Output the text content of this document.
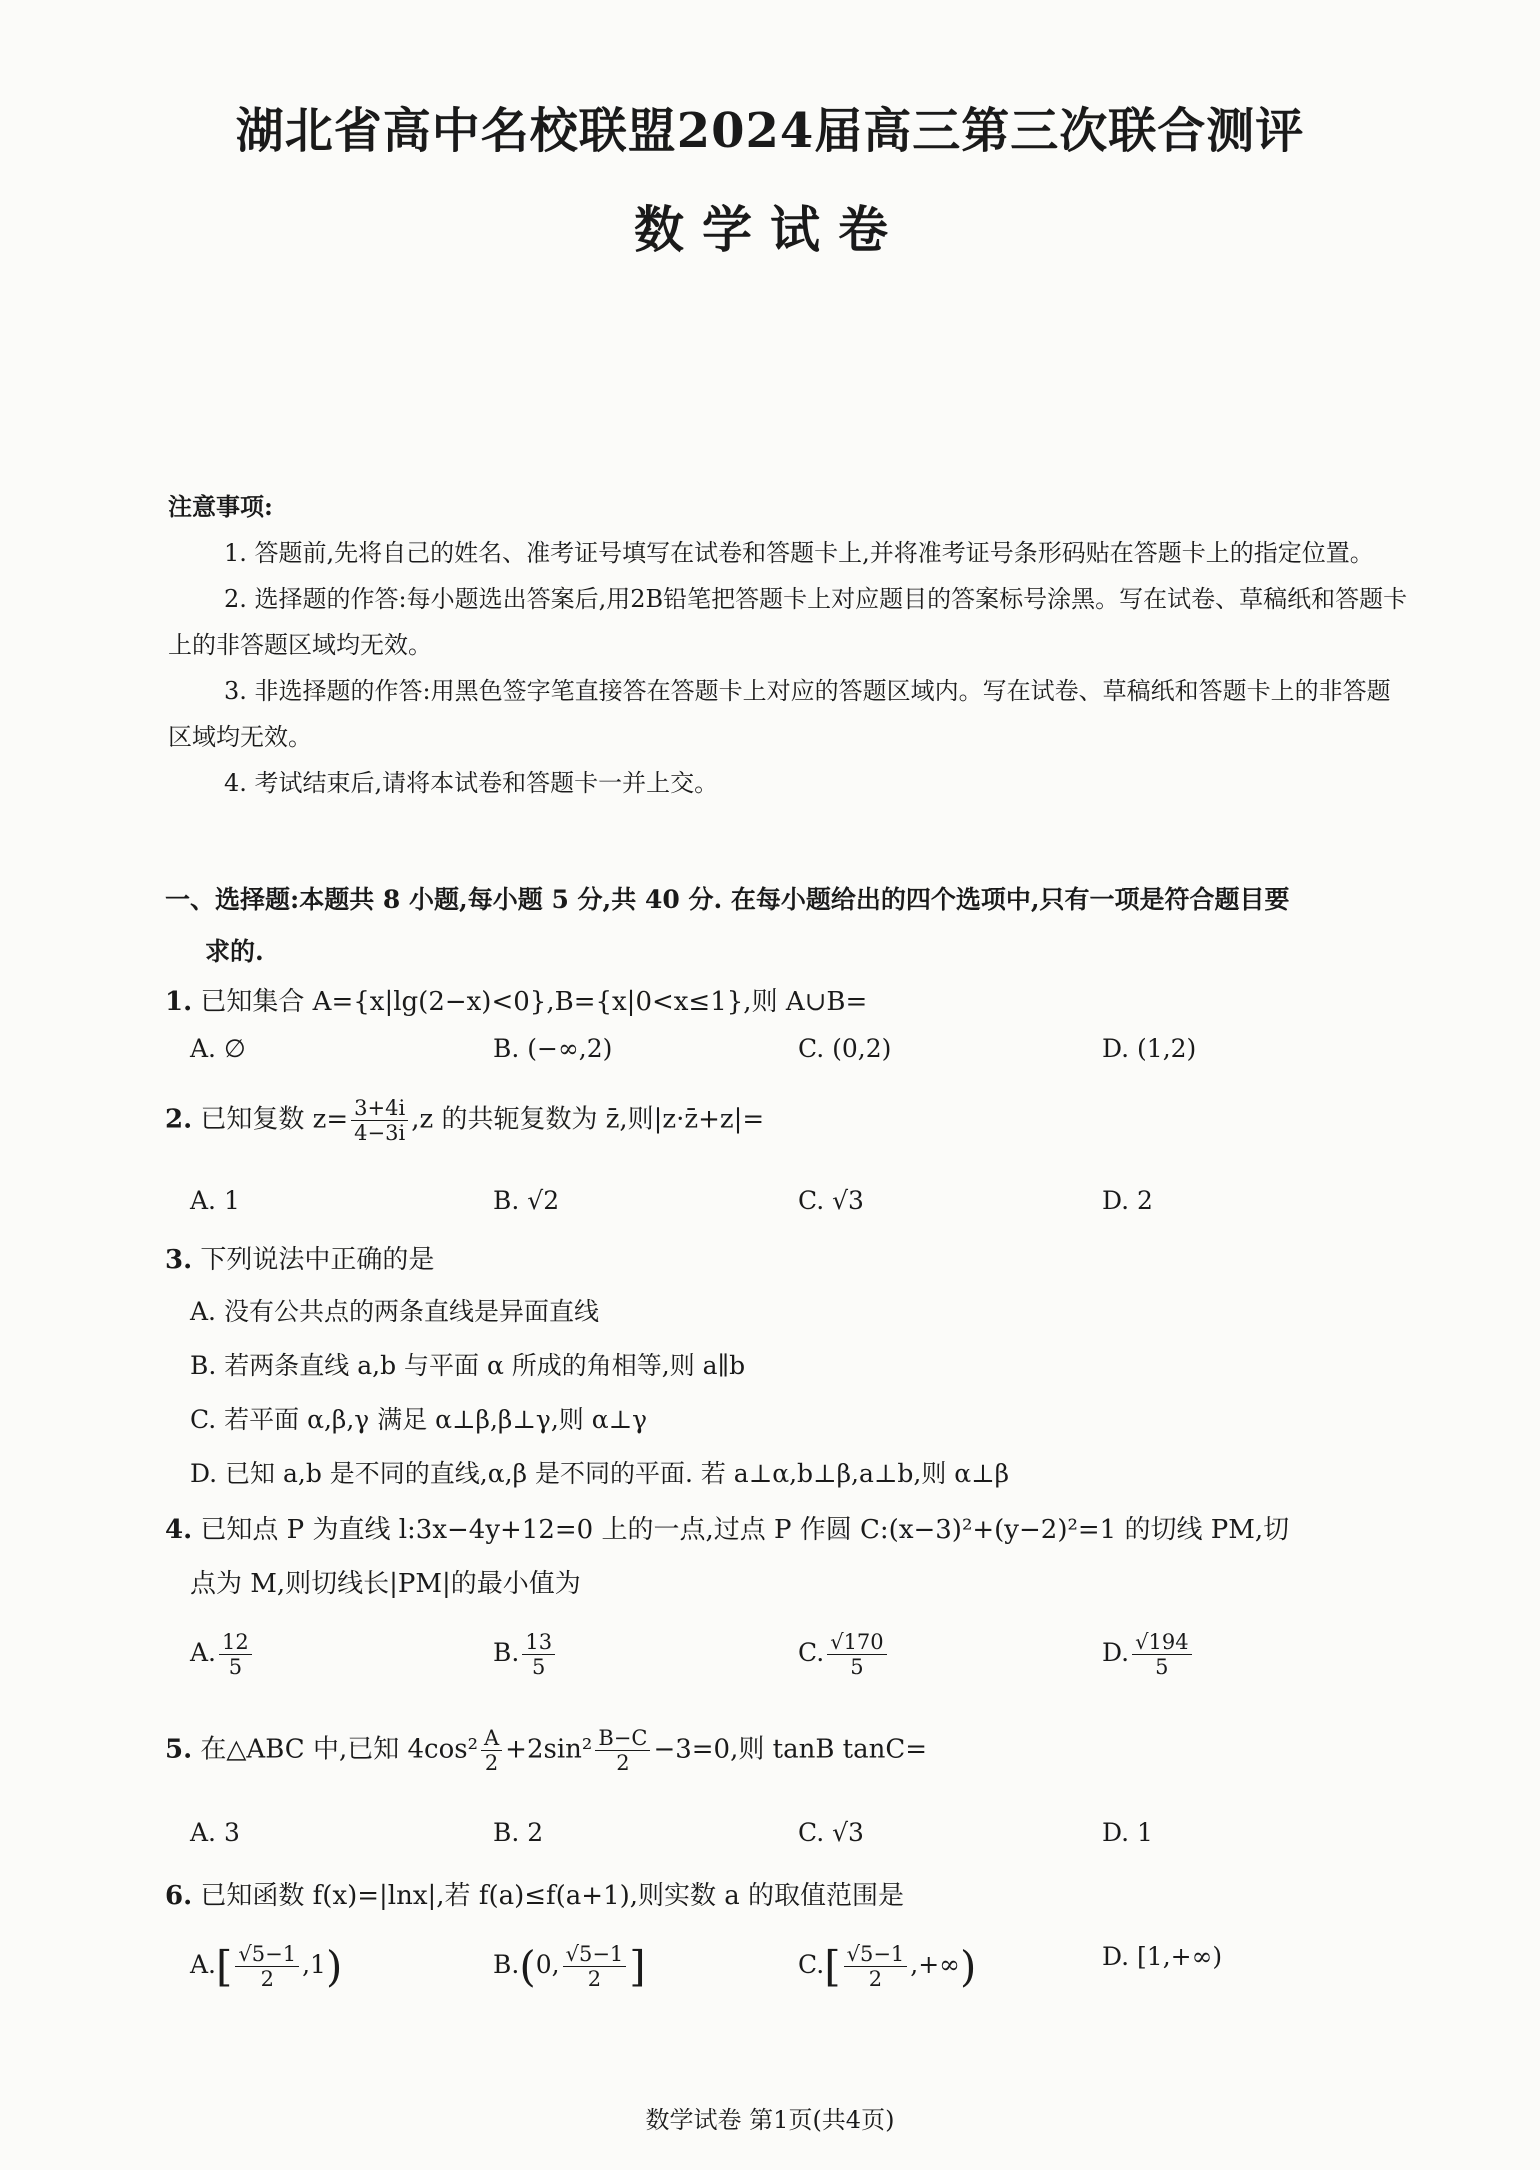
湖北省高中名校联盟2024届高三第三次联合测评
数学试卷

注意事项:

1. 答题前,先将自己的姓名、准考证号填写在试卷和答题卡上,并将准考证号条形码贴在答题卡上的指定位置。

2. 选择题的作答:每小题选出答案后,用2B铅笔把答题卡上对应题目的答案标号涂黑。写在试卷、草稿纸和答题卡上的非答题区域均无效。

3. 非选择题的作答:用黑色签字笔直接答在答题卡上对应的答题区域内。写在试卷、草稿纸和答题卡上的非答题区域均无效。

4. 考试结束后,请将本试卷和答题卡一并上交。

一、选择题:本题共 8 小题,每小题 5 分,共 40 分. 在每小题给出的四个选项中,只有一项是符合题目要
求的.
1. 已知集合 A={x|lg(2−x)<0},B={x|0<x≤1},则 A∪B=
A. ∅	B. (−∞,2)	C. (0,2)	D. (1,2)
2. 已知复数 $z= \frac{3+4i}{4-3i} ,z$ 的共轭复数为 z̄,则|z·z̄+z|=
A. 1	B. √2	C. √3	D. 2
3. 下列说法中正确的是
A. 没有公共点的两条直线是异面直线
B. 若两条直线 a,b 与平面 α 所成的角相等,则 a∥b
C. 若平面 α,β,γ 满足 α⊥β,β⊥γ,则 α⊥γ
D. 已知 a,b 是不同的直线,α,β 是不同的平面. 若 a⊥α,b⊥β,a⊥b,则 α⊥β
4. 已知点 P 为直线 l:3x−4y+12=0 上的一点,过点 P 作圆 C:(x−3)²+(y−2)²=1 的切线 PM,切
点为 M,则切线长|PM|的最小值为
A. $\frac{12}{5}$	B. $\frac{13}{5}$	C. $\frac{√170}{5}$	D. $\frac{√194}{5}$
5. 在△ABC 中,已知 $4\cos^2 \frac{A}{2} +2\sin^2 \frac{B-C}{2} -3=0$,则 tanB tanC=
A. 3	B. 2	C. √3	D. 1
6. 已知函数 f(x)=|lnx|,若 f(a)≤f(a+1),则实数 a 的取值范围是
$A.[ \frac{√5-1}{2} ,1)$	B.(0, $\frac{√5-1}{2}$ ]	$C.[ \frac{√5-1}{2}$ ,+∞)	D. [1,+∞)
数学试卷 第1页(共4页)
